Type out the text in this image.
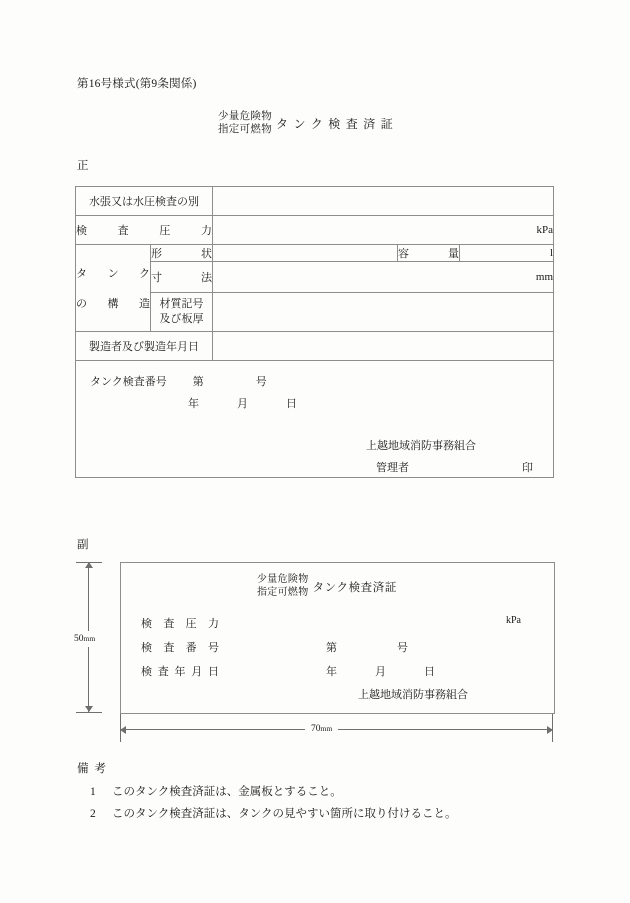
第16号様式(第9条関係)
少量危険物
指定可燃物 タンク検査済証
正
水張又は水圧検査の別				

検査圧力		kPa		

タンク
の構造	形状		容量	l

	寸法	mm		

	材質記号
及び板厚			

製造者及び製造年月日				

タンク検査番号 第 号
年 月 日
上越地域消防事務組合
管理者 印				
副
少量危険物
指定可燃物 タンク検査済証
検査圧力	kPa
検査番号	第	号
検査年月日	年	月	日
上越地域消防事務組合
50mm
70mm
備考
1 このタンク検査済証は、金属板とすること。
2 このタンク検査済証は、タンクの見やすい箇所に取り付けること。
